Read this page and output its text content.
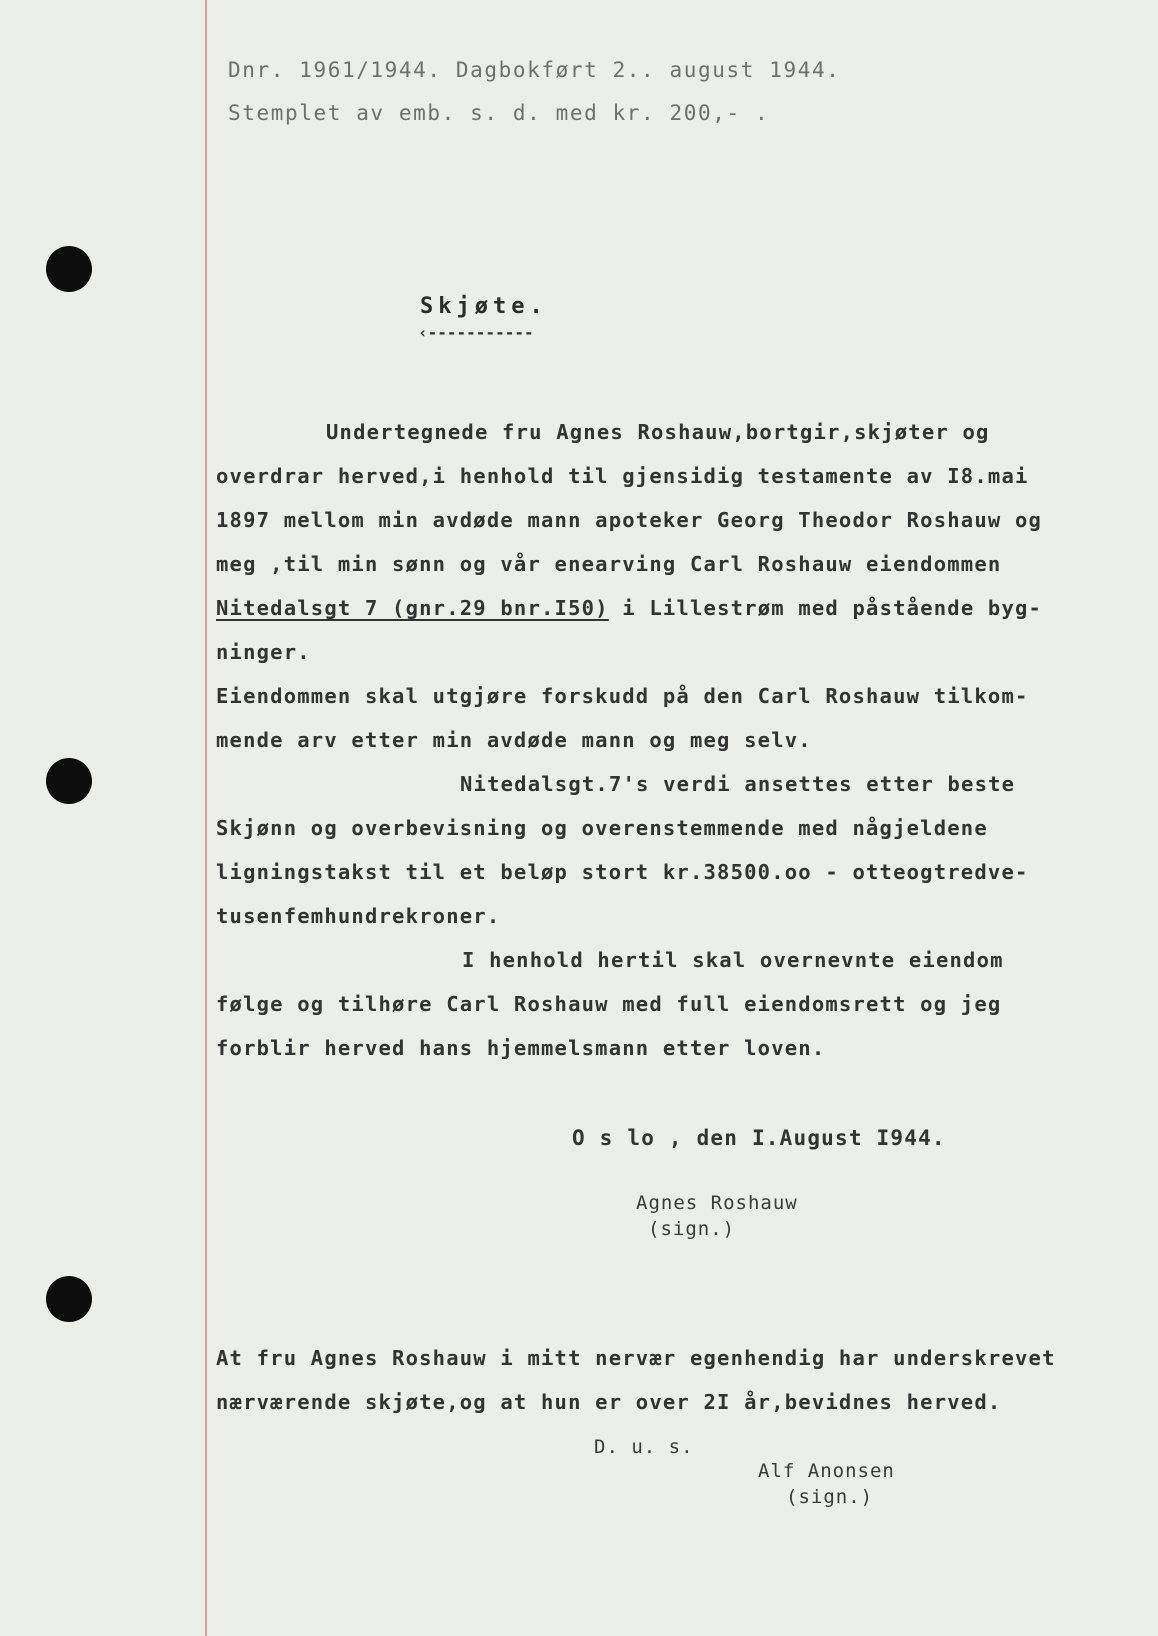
Dnr. 1961/1944. Dagbokført 2.. august 1944.
Stemplet av emb. s. d. med kr. 200,- .
Skjøte.
‹-----------
Undertegnede fru Agnes Roshauw,bortgir,skjøter og
overdrar herved,i henhold til gjensidig testamente av I8.mai
1897 mellom min avdøde mann apoteker Georg Theodor Roshauw og
meg ,til min sønn og vår enearving Carl Roshauw eiendommen
Nitedalsgt 7 (gnr.29 bnr.I50) i Lillestrøm med påstående byg-
ninger.
Eiendommen skal utgjøre forskudd på den Carl Roshauw tilkom-
mende arv etter min avdøde mann og meg selv.
Nitedalsgt.7's verdi ansettes etter beste
Skjønn og overbevisning og overenstemmende med någjeldene
ligningstakst til et beløp stort kr.38500.oo - otteogtredve-
tusenfemhundrekroner.
I henhold hertil skal overnevnte eiendom
følge og tilhøre Carl Roshauw med full eiendomsrett og jeg
forblir herved hans hjemmelsmann etter loven.
O s lo , den I.August I944.
Agnes Roshauw
(sign.)
At fru Agnes Roshauw i mitt nervær egenhendig har underskrevet
nærværende skjøte,og at hun er over 2I år,bevidnes herved.
D. u. s.
Alf Anonsen
(sign.)
